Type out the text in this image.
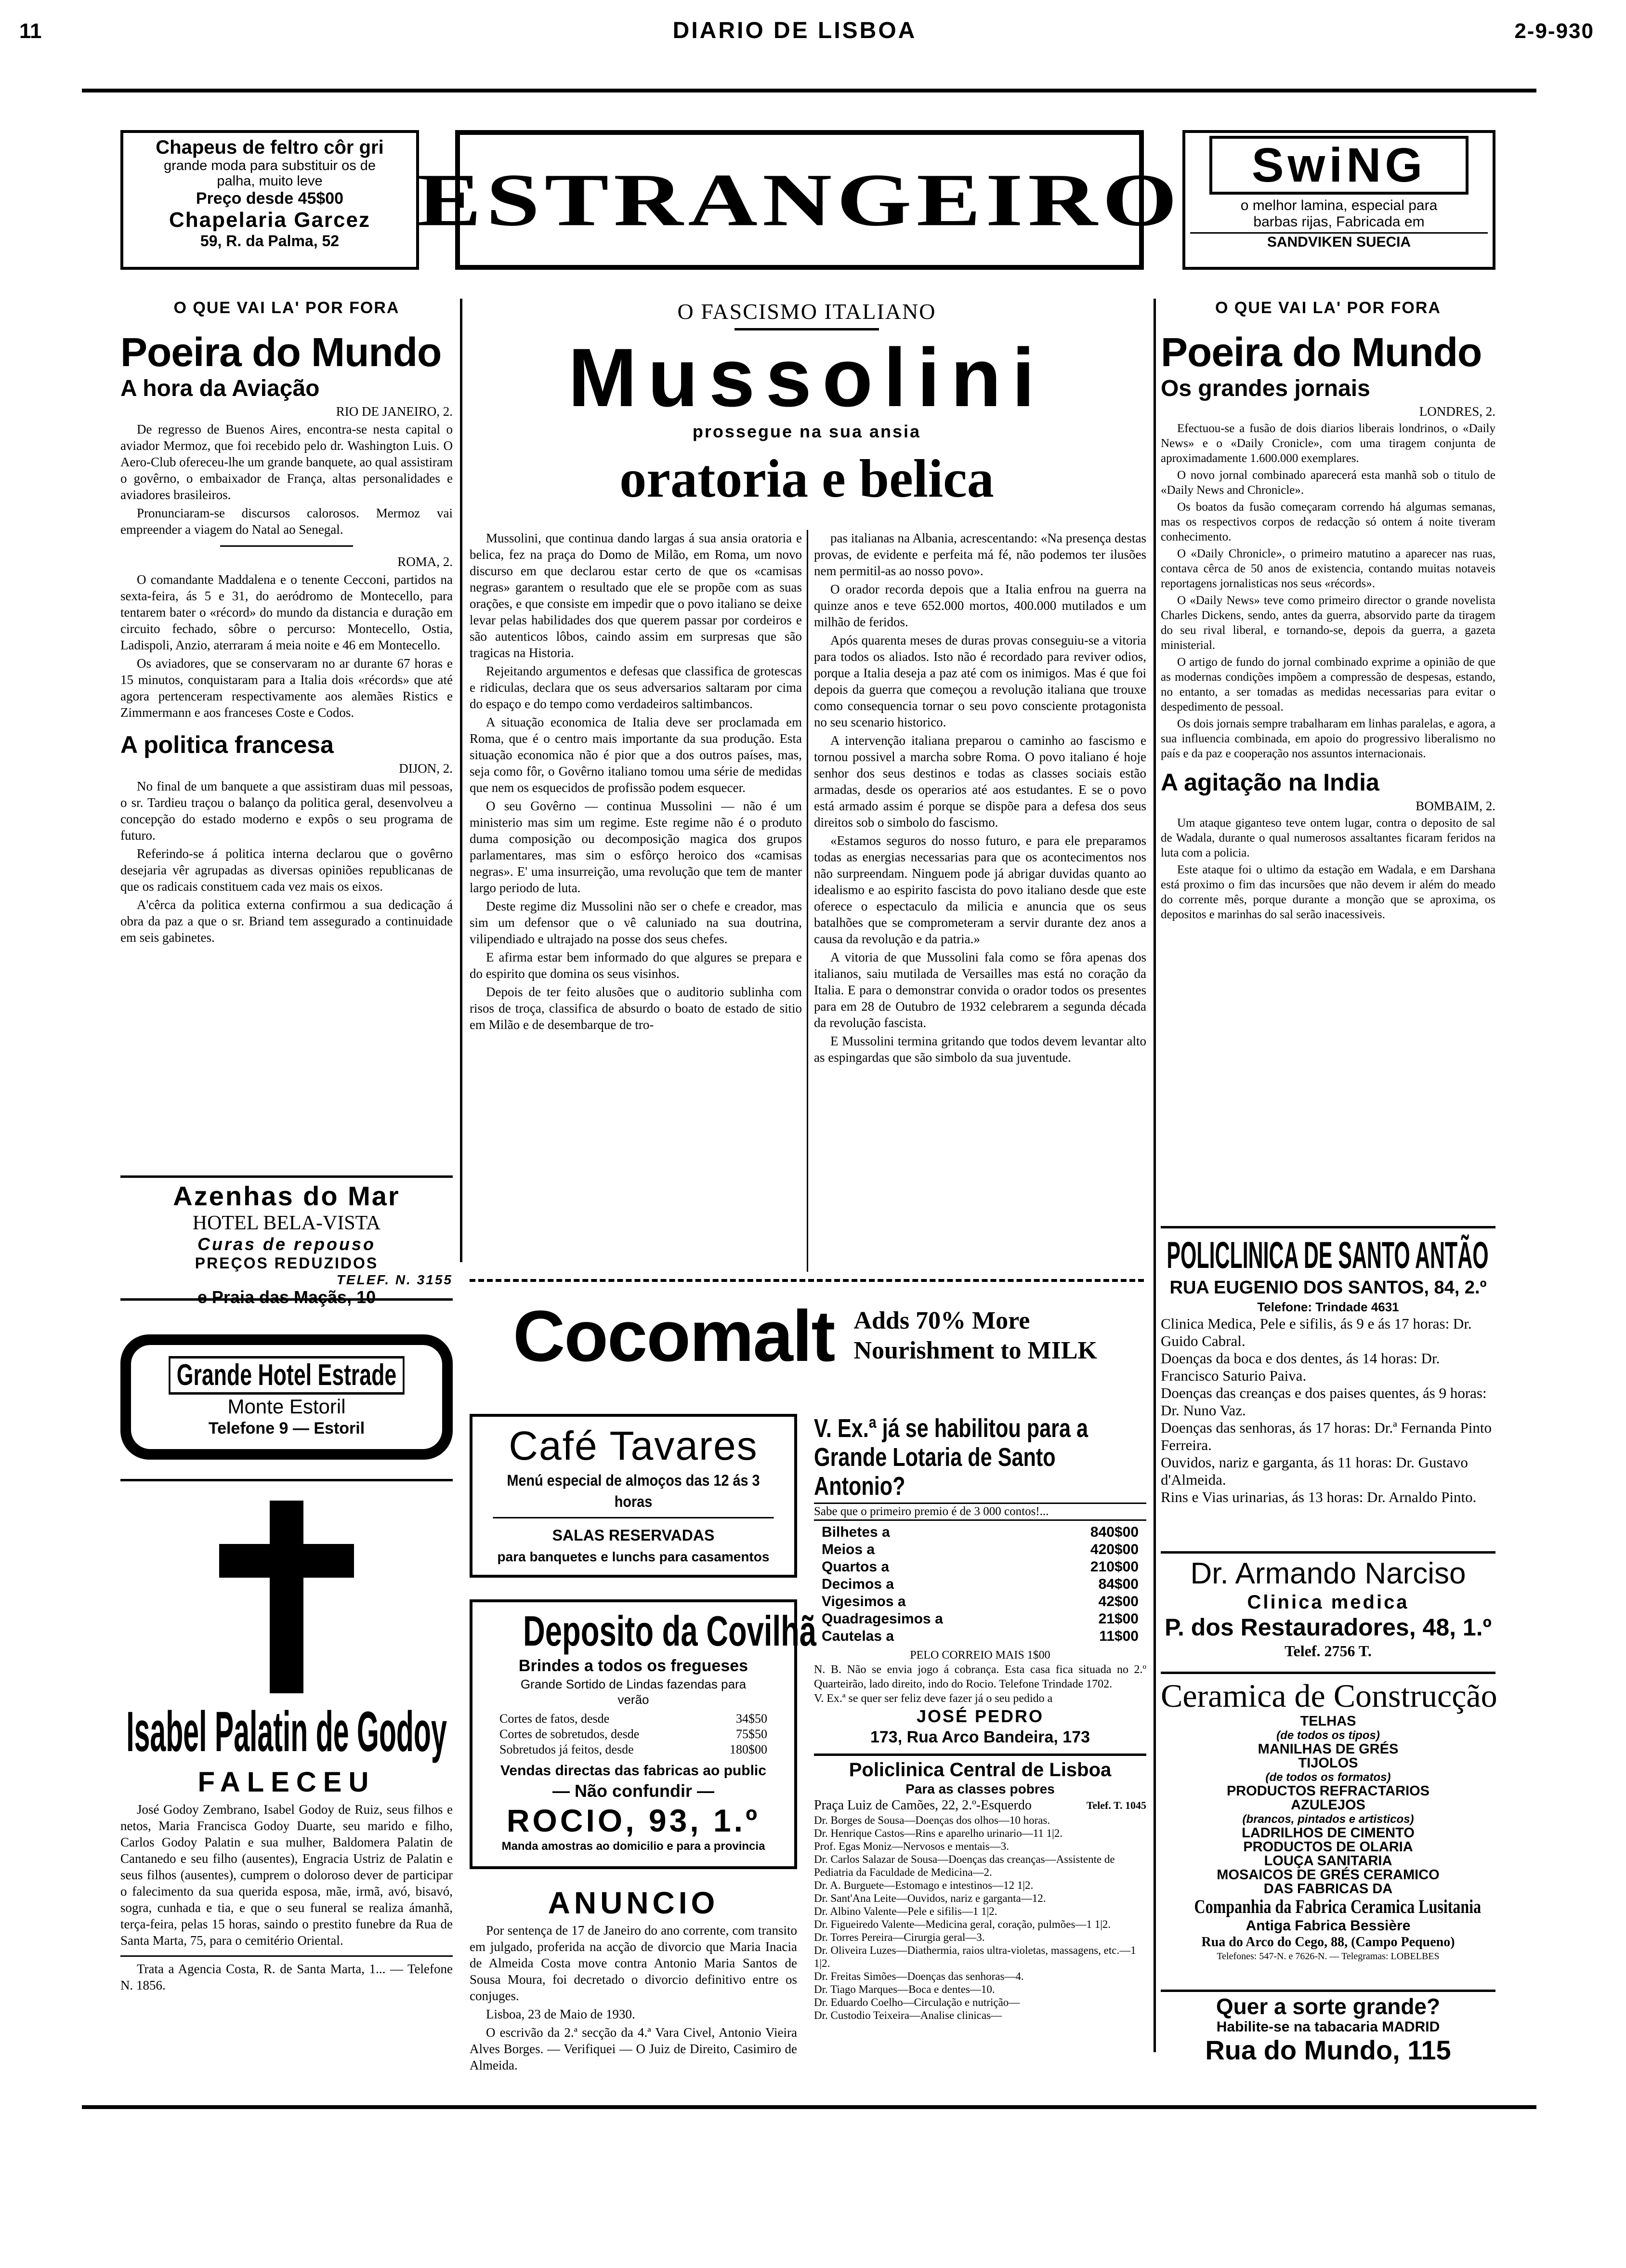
11	DIARIO DE LISBOA	2-9-930
Chapeus de feltro côr gri
grande moda para substituir os de
palha, muito leve
Preço desde 45$00
Chapelaria Garcez
59, R. da Palma, 52 ESTRANGEIRO	SwiNG
o melhor lamina, especial para
barbas rijas, Fabricada em
SANDVIKEN SUECIA
O QUE VAI LA' POR FORA
Poeira do Mundo
A hora da Aviação
RIO DE JANEIRO, 2.

De regresso de Buenos Aires, encontra-se nesta capital o aviador Mermoz, que foi recebido pelo dr. Washington Luis. O Aero-Club ofereceu-lhe um grande banquete, ao qual assistiram o govêrno, o embaixador de França, altas personalidades e aviadores brasileiros.

Pronunciaram-se discursos calorosos. Mermoz vai empreender a viagem do Natal ao Senegal.

ROMA, 2.

O comandante Maddalena e o tenente Cecconi, partidos na sexta-feira, ás 5 e 31, do aeródromo de Montecello, para tentarem bater o «récord» do mundo da distancia e duração em circuito fechado, sôbre o percurso: Montecello, Ostia, Ladispoli, Anzio, aterraram á meia noite e 46 em Montecello.

Os aviadores, que se conservaram no ar durante 67 horas e 15 minutos, conquistaram para a Italia dois «récords» que até agora pertenceram respectivamente aos alemães Ristics e Zimmermann e aos franceses Coste e Codos.

A politica francesa
DIJON, 2.

No final de um banquete a que assistiram duas mil pessoas, o sr. Tardieu traçou o balanço da politica geral, desenvolveu a concepção do estado moderno e expôs o seu programa de futuro.

Referindo-se á politica interna declarou que o govêrno desejaria vêr agrupadas as diversas opiniões republicanas de que os radicais constituem cada vez mais os eixos.

A'cêrca da politica externa confirmou a sua dedicação á obra da paz a que o sr. Briand tem assegurado a continuidade em seis gabinetes.

Azenhas do Mar
HOTEL BELA-VISTA
Curas de repouso
PREÇOS REDUZIDOS
TELEF. N. 3155
e Praia das Maçãs, 10
Grande Hotel Estrade
Monte Estoril
Telefone 9 — Estoril
Isabel Palatin de Godoy
FALECEU

José Godoy Zembrano, Isabel Godoy de Ruiz, seus filhos e netos, Maria Francisca Godoy Duarte, seu marido e filho, Carlos Godoy Palatin e sua mulher, Baldomera Palatin de Cantanedo e seu filho (ausentes), Engracia Ustriz de Palatin e seus filhos (ausentes), cumprem o doloroso dever de participar o falecimento da sua querida esposa, mãe, irmã, avó, bisavó, sogra, cunhada e tia, e que o seu funeral se realiza ámanhã, terça-feira, pelas 15 horas, saindo o prestito funebre da Rua de Santa Marta, 75, para o cemitério Oriental.

Trata a Agencia Costa, R. de Santa Marta, 1... — Telefone N. 1856.

O FASCISMO ITALIANO
Mussolini
prossegue na sua ansia
oratoria e belica

Mussolini, que continua dando largas á sua ansia oratoria e belica, fez na praça do Domo de Milão, em Roma, um novo discurso em que declarou estar certo de que os «camisas negras» garantem o resultado que ele se propõe com as suas orações, e que consiste em impedir que o povo italiano se deixe levar pelas habilidades dos que querem passar por cordeiros e são autenticos lôbos, caindo assim em surpresas que são tragicas na Historia.

Rejeitando argumentos e defesas que classifica de grotescas e ridiculas, declara que os seus adversarios saltaram por cima do espaço e do tempo como verdadeiros saltimbancos.

A situação economica de Italia deve ser proclamada em Roma, que é o centro mais importante da sua produção. Esta situação economica não é pior que a dos outros países, mas, seja como fôr, o Govêrno italiano tomou uma série de medidas que nem os esquecidos de profissão podem esquecer.

O seu Govêrno — continua Mussolini — não é um ministerio mas sim um regime. Este regime não é o produto duma composição ou decomposição magica dos grupos parlamentares, mas sim o esfôrço heroico dos «camisas negras». E' uma insurreição, uma revolução que tem de manter largo periodo de luta.

Deste regime diz Mussolini não ser o chefe e creador, mas sim um defensor que o vê caluniado na sua doutrina, vilipendiado e ultrajado na posse dos seus chefes.

E afirma estar bem informado do que algures se prepara e do espirito que domina os seus visinhos.

Depois de ter feito alusões que o auditorio sublinha com risos de troça, classifica de absurdo o boato de estado de sitio em Milão e de desembarque de tro-

pas italianas na Albania, acrescentando: «Na presença destas provas, de evidente e perfeita má fé, não podemos ter ilusões nem permitil-as ao nosso povo».

O orador recorda depois que a Italia enfrou na guerra na quinze anos e teve 652.000 mortos, 400.000 mutilados e um milhão de feridos.

Após quarenta meses de duras provas conseguiu-se a vitoria para todos os aliados. Isto não é recordado para reviver odios, porque a Italia deseja a paz até com os inimigos. Mas é que foi depois da guerra que começou a revolução italiana que trouxe como consequencia tornar o seu povo consciente protagonista no seu scenario historico.

A intervenção italiana preparou o caminho ao fascismo e tornou possivel a marcha sobre Roma. O povo italiano é hoje senhor dos seus destinos e todas as classes sociais estão armadas, desde os operarios até aos estudantes. E se o povo está armado assim é porque se dispõe para a defesa dos seus direitos sob o simbolo do fascismo.

«Estamos seguros do nosso futuro, e para ele preparamos todas as energias necessarias para que os acontecimentos nos não surpreendam. Ninguem pode já abrigar duvidas quanto ao idealismo e ao espirito fascista do povo italiano desde que este oferece o espectaculo da milicia e anuncia que os seus batalhões que se comprometeram a servir durante dez anos a causa da revolução e da patria.»

A vitoria de que Mussolini fala como se fôra apenas dos italianos, saiu mutilada de Versailles mas está no coração da Italia. E para o demonstrar convida o orador todos os presentes para em 28 de Outubro de 1932 celebrarem a segunda década da revolução fascista.

E Mussolini termina gritando que todos devem levantar alto as espingardas que são simbolo da sua juventude.

Cocomalt Adds 70% More
Nourishment to MILK
Café Tavares
Menú especial de almoços das 12 ás 3 horas
SALAS RESERVADAS
para banquetes e lunchs para casamentos
Deposito da Covilhã
Brindes a todos os fregueses
Grande Sortido de Lindas fazendas para verão
Cortes de fatos, desde	34$50
Cortes de sobretudos, desde	75$50
Sobretudos já feitos, desde	180$00
Vendas directas das fabricas ao public
— Não confundir —
ROCIO, 93, 1.º
Manda amostras ao domicilio e para a provincia
ANUNCIO

Por sentença de 17 de Janeiro do ano corrente, com transito em julgado, proferida na acção de divorcio que Maria Inacia de Almeida Costa move contra Antonio Maria Santos de Sousa Moura, foi decretado o divorcio definitivo entre os conjuges.

Lisboa, 23 de Maio de 1930.

O escrivão da 2.ª secção da 4.ª Vara Civel, Antonio Vieira Alves Borges. — Verifiquei — O Juiz de Direito, Casimiro de Almeida.

V. Ex.ª já se habilitou para a Grande Lotaria de Santo Antonio?
Sabe que o primeiro premio é de 3 000 contos!...
Bilhetes a	840$00
Meios a	420$00
Quartos a	210$00
Decimos a	84$00
Vigesimos a	42$00
Quadragesimos a	21$00
Cautelas a	11$00
PELO CORREIO MAIS 1$00
N. B. Não se envia jogo á cobrança. Esta casa fica situada no 2.º Quarteirão, lado direito, indo do Rocio. Telefone Trindade 1702.
V. Ex.ª se quer ser feliz deve fazer já o seu pedido a
JOSÉ PEDRO
173, Rua Arco Bandeira, 173
Policlinica Central de Lisboa
Para as classes pobres
Praça Luiz de Camões, 22, 2.º-Esquerdo	Telef. T. 1045
Dr. Borges de Sousa—Doenças dos olhos—10 horas.
Dr. Henrique Castos—Rins e aparelho urinario—11 1|2.
Prof. Egas Moniz—Nervosos e mentais—3.
Dr. Carlos Salazar de Sousa—Doenças das creanças—Assistente de Pediatria da Faculdade de Medicina—2.
Dr. A. Burguete—Estomago e intestinos—12 1|2.
Dr. Sant'Ana Leite—Ouvidos, nariz e garganta—12.
Dr. Albino Valente—Pele e sifilis—1 1|2.
Dr. Figueiredo Valente—Medicina geral, coração, pulmões—1 1|2.
Dr. Torres Pereira—Cirurgia geral—3.
Dr. Oliveira Luzes—Diathermia, raios ultra-violetas, massagens, etc.—1 1|2.
Dr. Freitas Simões—Doenças das senhoras—4.
Dr. Tiago Marques—Boca e dentes—10.
Dr. Eduardo Coelho—Circulação e nutrição—
Dr. Custodio Teixeira—Analise clinicas—
O QUE VAI LA' POR FORA
Poeira do Mundo
Os grandes jornais
LONDRES, 2.

Efectuou-se a fusão de dois diarios liberais londrinos, o «Daily News» e o «Daily Cronicle», com uma tiragem conjunta de aproximadamente 1.600.000 exemplares.

O novo jornal combinado aparecerá esta manhã sob o titulo de «Daily News and Chronicle».

Os boatos da fusão começaram correndo há algumas semanas, mas os respectivos corpos de redacção só ontem á noite tiveram conhecimento.

O «Daily Chronicle», o primeiro matutino a aparecer nas ruas, contava cêrca de 50 anos de existencia, contando muitas notaveis reportagens jornalisticas nos seus «récords».

O «Daily News» teve como primeiro director o grande novelista Charles Dickens, sendo, antes da guerra, absorvido parte da tiragem do seu rival liberal, e tornando-se, depois da guerra, a gazeta ministerial.

O artigo de fundo do jornal combinado exprime a opinião de que as modernas condições impõem a compressão de despesas, estando, no entanto, a ser tomadas as medidas necessarias para evitar o despedimento de pessoal.

Os dois jornais sempre trabalharam em linhas paralelas, e agora, a sua influencia combinada, em apoio do progressivo liberalismo no país e da paz e cooperação nos assuntos internacionais.

A agitação na India
BOMBAIM, 2.

Um ataque giganteso teve ontem lugar, contra o deposito de sal de Wadala, durante o qual numerosos assaltantes ficaram feridos na luta com a policia.

Este ataque foi o ultimo da estação em Wadala, e em Darshana está proximo o fim das incursões que não devem ir além do meado do corrente mês, porque durante a monção que se aproxima, os depositos e marinhas do sal serão inacessiveis.

POLICLINICA DE SANTO ANTÃO
RUA EUGENIO DOS SANTOS, 84, 2.º
Telefone: Trindade 4631
Clinica Medica, Pele e sifilis, ás 9 e ás 17 horas: Dr. Guido Cabral.
Doenças da boca e dos dentes, ás 14 horas: Dr. Francisco Saturio Paiva.
Doenças das creanças e dos paises quentes, ás 9 horas: Dr. Nuno Vaz.
Doenças das senhoras, ás 17 horas: Dr.ª Fernanda Pinto Ferreira.
Ouvidos, nariz e garganta, ás 11 horas: Dr. Gustavo d'Almeida.
Rins e Vias urinarias, ás 13 horas: Dr. Arnaldo Pinto.
Dr. Armando Narciso
Clinica medica
P. dos Restauradores, 48, 1.º
Telef. 2756 T.
Ceramica de Construcção
TELHAS
(de todos os tipos)
MANILHAS DE GRÉS
TIJOLOS
(de todos os formatos)
PRODUCTOS REFRACTARIOS
AZULEJOS
(brancos, pintados e artisticos)
LADRILHOS DE CIMENTO
PRODUCTOS DE OLARIA
LOUÇA SANITARIA
MOSAICOS DE GRÉS CERAMICO
DAS FABRICAS DA
Companhia da Fabrica Ceramica Lusitania
Antiga Fabrica Bessière
Rua do Arco do Cego, 88, (Campo Pequeno)
Telefones: 547-N. e 7626-N. — Telegramas: LOBELBES
Quer a sorte grande?
Habilite-se na tabacaria MADRID
Rua do Mundo, 115
